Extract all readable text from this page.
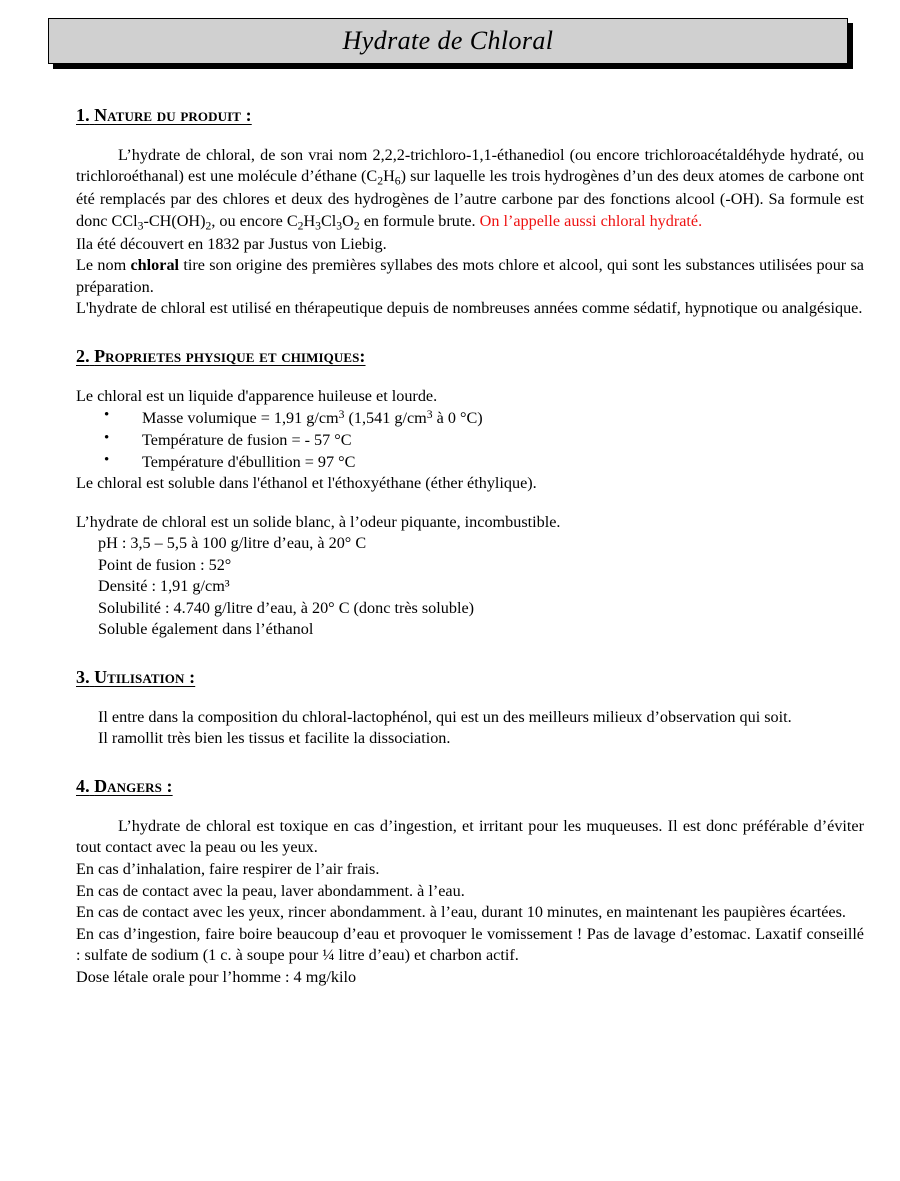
Hydrate de Chloral
1. Nature du produit :

L’hydrate de chloral, de son vrai nom 2,2,2-trichloro-1,1-éthanediol (ou encore trichloroacétaldéhyde hydraté, ou trichloroéthanal) est une molécule d’éthane $(C_2H_6)$ sur laquelle les trois hydrogènes d’un des deux atomes de carbone ont été remplacés par des chlores et deux des hydrogènes de l’autre carbone par des fonctions alcool (-OH). Sa formule est donc $CCl_3-CH(OH)_2$, ou encore $C_2H_3Cl_3O_2$ en formule brute. On l’appelle aussi chloral hydraté.

Ila été découvert en 1832 par Justus von Liebig.

Le nom chloral tire son origine des premières syllabes des mots chlore et alcool, qui sont les substances utilisées pour sa préparation.

L'hydrate de chloral est utilisé en thérapeutique depuis de nombreuses années comme sédatif, hypnotique ou analgésique.

2. Proprietes physique et chimiques:

Le chloral est un liquide d'apparence huileuse et lourde.

• Masse volumique = 1,91 $g/cm^3$ (1,541 $g/cm^3$ à 0 °C)
• Température de fusion = - 57 °C
• Température d'ébullition = 97 °C

Le chloral est soluble dans l'éthanol et l'éthoxyéthane (éther éthylique).

L’hydrate de chloral est un solide blanc, à l’odeur piquante, incombustible.

pH : 3,5 – 5,5 à 100 g/litre d’eau, à 20° C

Point de fusion : 52°

Densité : 1,91 g/cm³

Solubilité : 4.740 g/litre d’eau, à 20° C (donc très soluble)

Soluble également dans l’éthanol

3. Utilisation :

Il entre dans la composition du chloral-lactophénol, qui est un des meilleurs milieux d’observation qui soit.

Il ramollit très bien les tissus et facilite la dissociation.

4. Dangers :

L’hydrate de chloral est toxique en cas d’ingestion, et irritant pour les muqueuses. Il est donc préférable d’éviter tout contact avec la peau ou les yeux.

En cas d’inhalation, faire respirer de l’air frais.

En cas de contact avec la peau, laver abondamment. à l’eau.

En cas de contact avec les yeux, rincer abondamment. à l’eau, durant 10 minutes, en maintenant les paupières écartées.

En cas d’ingestion, faire boire beaucoup d’eau et provoquer le vomissement ! Pas de lavage d’estomac. Laxatif conseillé : sulfate de sodium (1 c. à soupe pour ¼ litre d’eau) et charbon actif.

Dose létale orale pour l’homme : 4 mg/kilo
